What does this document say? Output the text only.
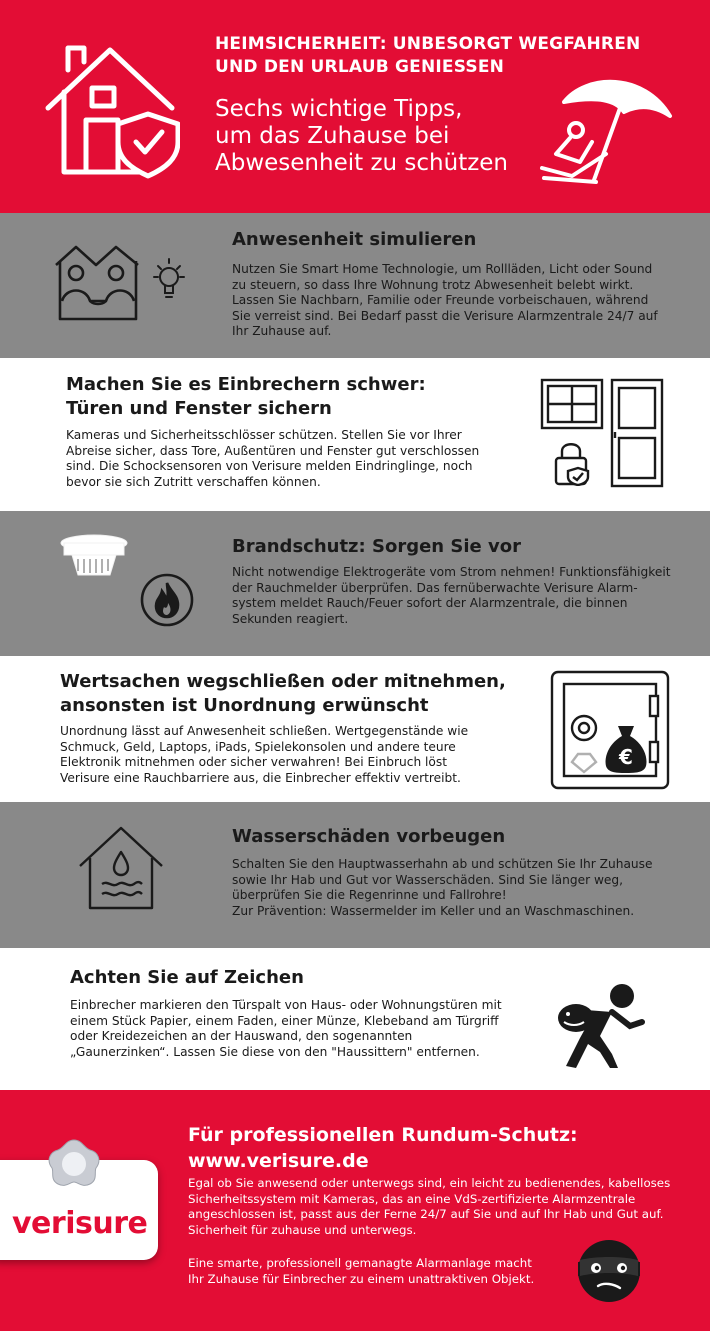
HEIMSICHERHEIT: UNBESORGT WEGFAHREN
UND DEN URLAUB GENIESSEN
Sechs wichtige Tipps,
um das Zuhause bei
Abwesenheit zu schützen
Anwesenheit simulieren
Nutzen Sie Smart Home Technologie, um Rollläden, Licht oder Sound
zu steuern, so dass Ihre Wohnung trotz Abwesenheit belebt wirkt.
Lassen Sie Nachbarn, Familie oder Freunde vorbeischauen, während
Sie verreist sind. Bei Bedarf passt die Verisure Alarmzentrale 24/7 auf
Ihr Zuhause auf.
Machen Sie es Einbrechern schwer:
Türen und Fenster sichern
Kameras und Sicherheitsschlösser schützen. Stellen Sie vor Ihrer
Abreise sicher, dass Tore, Außentüren und Fenster gut verschlossen
sind. Die Schocksensoren von Verisure melden Eindringlinge, noch
bevor sie sich Zutritt verschaffen können.
Brandschutz: Sorgen Sie vor
Nicht notwendige Elektrogeräte vom Strom nehmen! Funktionsfähigkeit
der Rauchmelder überprüfen. Das fernüberwachte Verisure Alarm-
system meldet Rauch/Feuer sofort der Alarmzentrale, die binnen
Sekunden reagiert.
Wertsachen wegschließen oder mitnehmen,
ansonsten ist Unordnung erwünscht
Unordnung lässt auf Anwesenheit schließen. Wertgegenstände wie
Schmuck, Geld, Laptops, iPads, Spielekonsolen und andere teure
Elektronik mitnehmen oder sicher verwahren! Bei Einbruch löst
Verisure eine Rauchbarriere aus, die Einbrecher effektiv vertreibt.
€
Wasserschäden vorbeugen
Schalten Sie den Hauptwasserhahn ab und schützen Sie Ihr Zuhause
sowie Ihr Hab und Gut vor Wasserschäden. Sind Sie länger weg,
überprüfen Sie die Regenrinne und Fallrohre!
Zur Prävention: Wassermelder im Keller und an Waschmaschinen.
Achten Sie auf Zeichen
Einbrecher markieren den Türspalt von Haus- oder Wohnungstüren mit
einem Stück Papier, einem Faden, einer Münze, Klebeband am Türgriff
oder Kreidezeichen an der Hauswand, den sogenannten
„Gaunerzinken“. Lassen Sie diese von den "Haussittern" entfernen.
verisure
Für professionellen Rundum-Schutz:
www.verisure.de
Egal ob Sie anwesend oder unterwegs sind, ein leicht zu bedienendes, kabelloses
Sicherheitssystem mit Kameras, das an eine VdS-zertifizierte Alarmzentrale
angeschlossen ist, passt aus der Ferne 24/7 auf Sie und auf Ihr Hab und Gut auf.
Sicherheit für zuhause und unterwegs.
Eine smarte, professionell gemanagte Alarmanlage macht
Ihr Zuhause für Einbrecher zu einem unattraktiven Objekt.
